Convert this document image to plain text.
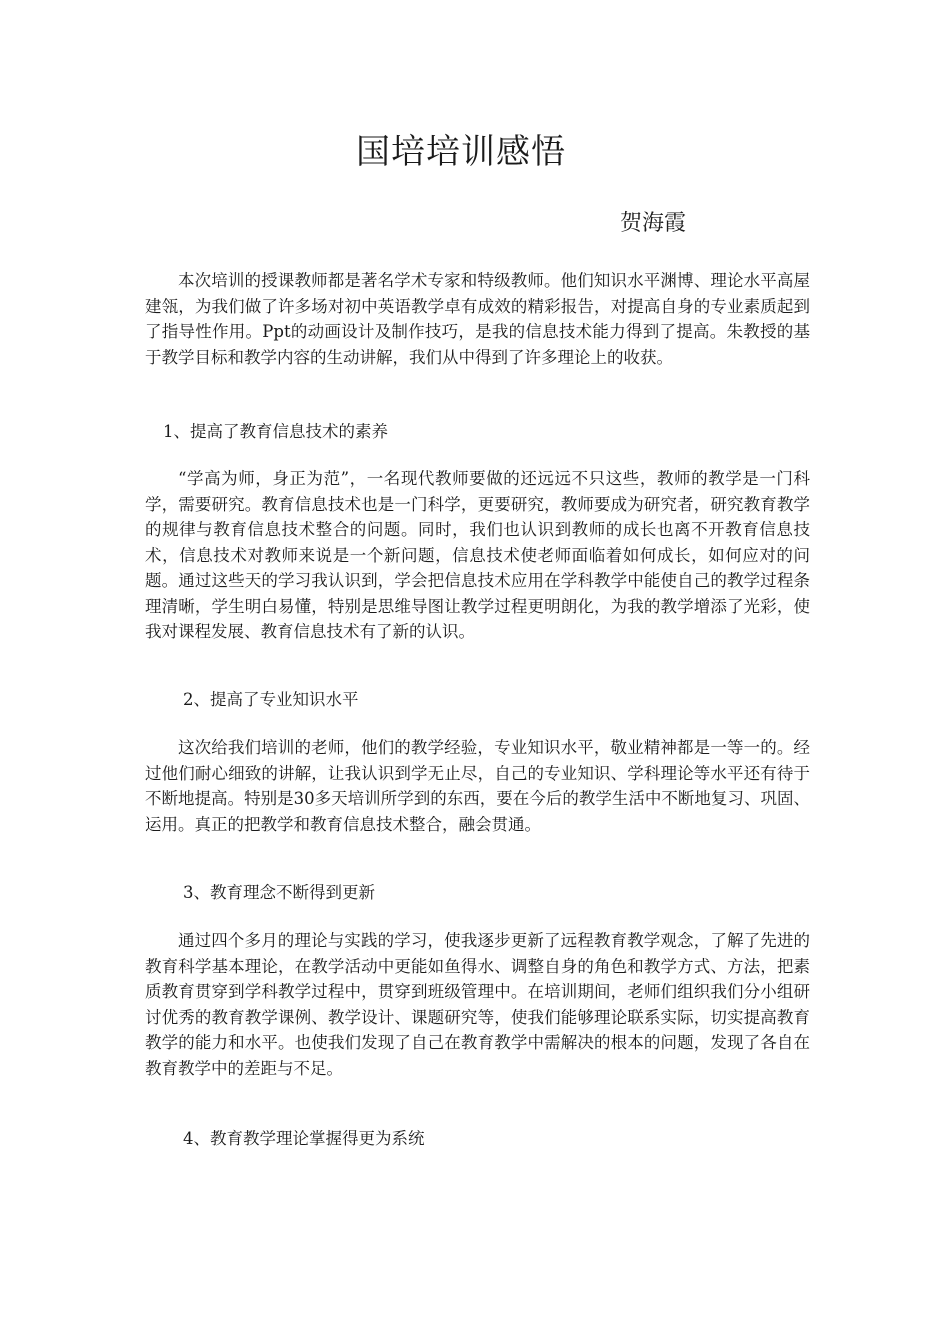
国培培训感悟

贺海霞

本次培训的授课教师都是著名学术专家和特级教师。他们知识水平渊博、理论水平高屋建瓴，为我们做了许多场对初中英语教学卓有成效的精彩报告，对提高自身的专业素质起到了指导性作用。Ppt的动画设计及制作技巧，是我的信息技术能力得到了提高。朱教授的基于教学目标和教学内容的生动讲解，我们从中得到了许多理论上的收获。

1、提高了教育信息技术的素养

“学高为师，身正为范”，一名现代教师要做的还远远不只这些，教师的教学是一门科学，需要研究。教育信息技术也是一门科学，更要研究，教师要成为研究者，研究教育教学的规律与教育信息技术整合的问题。同时，我们也认识到教师的成长也离不开教育信息技术，信息技术对教师来说是一个新问题，信息技术使老师面临着如何成长，如何应对的问题。通过这些天的学习我认识到，学会把信息技术应用在学科教学中能使自己的教学过程条理清晰，学生明白易懂，特别是思维导图让教学过程更明朗化，为我的教学增添了光彩，使我对课程发展、教育信息技术有了新的认识。

2、提高了专业知识水平

这次给我们培训的老师，他们的教学经验，专业知识水平，敬业精神都是一等一的。经过他们耐心细致的讲解，让我认识到学无止尽，自己的专业知识、学科理论等水平还有待于不断地提高。特别是30多天培训所学到的东西，要在今后的教学生活中不断地复习、巩固、运用。真正的把教学和教育信息技术整合，融会贯通。

3、教育理念不断得到更新

通过四个多月的理论与实践的学习，使我逐步更新了远程教育教学观念，了解了先进的教育科学基本理论，在教学活动中更能如鱼得水、调整自身的角色和教学方式、方法，把素质教育贯穿到学科教学过程中，贯穿到班级管理中。在培训期间，老师们组织我们分小组研讨优秀的教育教学课例、教学设计、课题研究等，使我们能够理论联系实际，切实提高教育教学的能力和水平。也使我们发现了自己在教育教学中需解决的根本的问题，发现了各自在教育教学中的差距与不足。

4、教育教学理论掌握得更为系统
